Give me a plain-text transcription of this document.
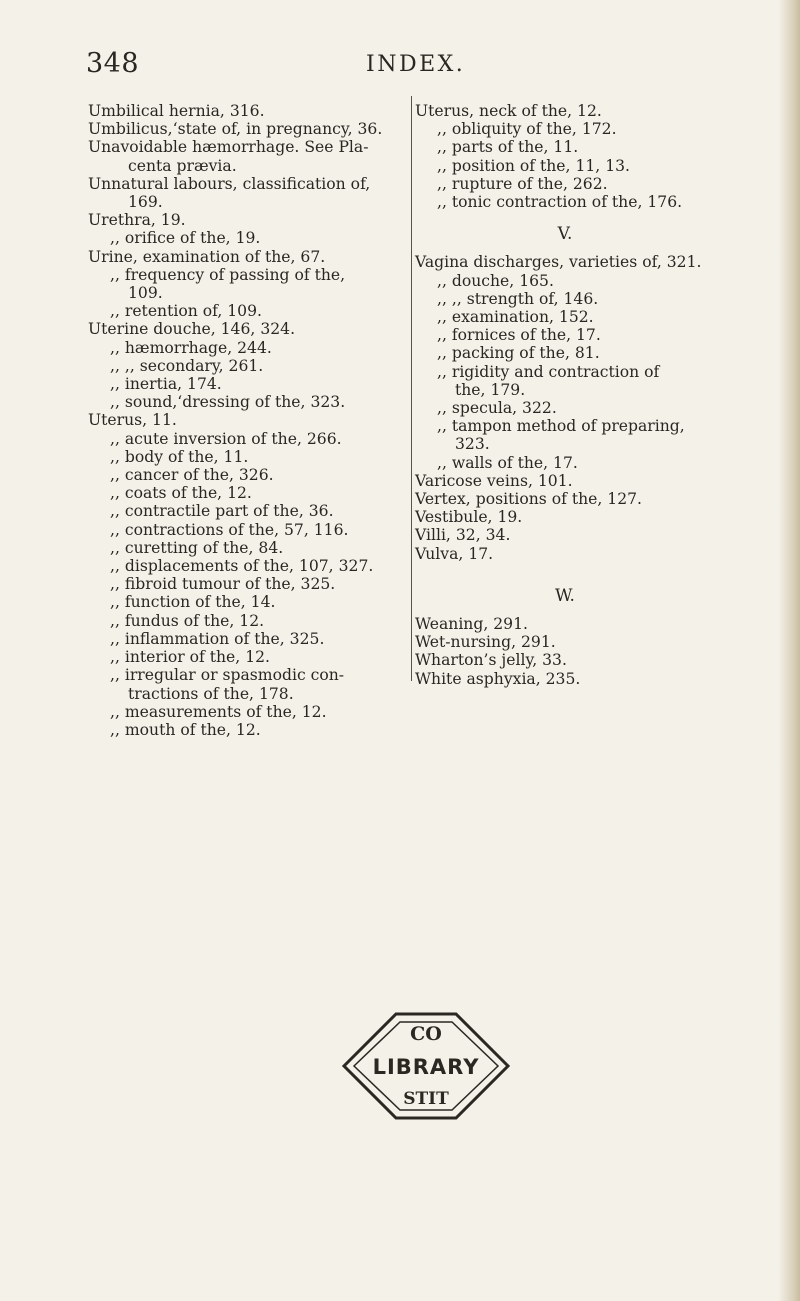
348	INDEX.
Umbilical hernia, 316.
Umbilicus,‘state of, in pregnancy, 36.
Unavoidable hæmorrhage. See Pla-
centa prævia.
Unnatural labours, classification of,
169.
Urethra, 19.
,, orifice of the, 19.
Urine, examination of the, 67.
,, frequency of passing of the,
109.
,, retention of, 109.
Uterine douche, 146, 324.
,, hæmorrhage, 244.
,, ,, secondary, 261.
,, inertia, 174.
,, sound,‘dressing of the, 323.
Uterus, 11.
,, acute inversion of the, 266.
,, body of the, 11.
,, cancer of the, 326.
,, coats of the, 12.
,, contractile part of the, 36.
,, contractions of the, 57, 116.
,, curetting of the, 84.
,, displacements of the, 107, 327.
,, fibroid tumour of the, 325.
,, function of the, 14.
,, fundus of the, 12.
,, inflammation of the, 325.
,, interior of the, 12.
,, irregular or spasmodic con-
tractions of the, 178.
,, measurements of the, 12.
,, mouth of the, 12.
Uterus, neck of the, 12.
,, obliquity of the, 172.
,, parts of the, 11.
,, position of the, 11, 13.
,, rupture of the, 262.
,, tonic contraction of the, 176.
V.
Vagina discharges, varieties of, 321.
,, douche, 165.
,, ,, strength of, 146.
,, examination, 152.
,, fornices of the, 17.
,, packing of the, 81.
,, rigidity and contraction of
the, 179.
,, specula, 322.
,, tampon method of preparing,
323.
,, walls of the, 17.
Varicose veins, 101.
Vertex, positions of the, 127.
Vestibule, 19.
Villi, 32, 34.
Vulva, 17.
W.
Weaning, 291.
Wet-nursing, 291.
Wharton’s jelly, 33.
White asphyxia, 235.
CO
LIBRARY
STIT
